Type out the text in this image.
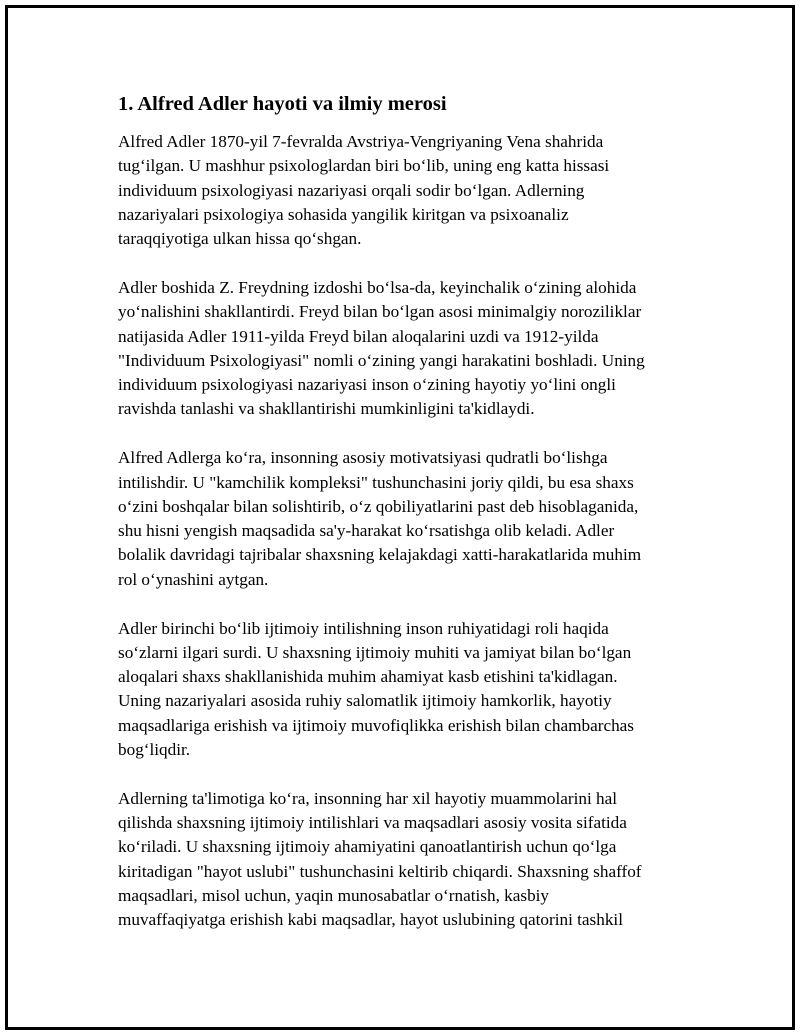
1. Alfred Adler hayoti va ilmiy merosi

Alfred Adler 1870-yil 7-fevralda Avstriya-Vengriyaning Vena shahrida
tug‘ilgan. U mashhur psixologlardan biri bo‘lib, uning eng katta hissasi
individuum psixologiyasi nazariyasi orqali sodir bo‘lgan. Adlerning
nazariyalari psixologiya sohasida yangilik kiritgan va psixoanaliz
taraqqiyotiga ulkan hissa qo‘shgan.

Adler boshida Z. Freydning izdoshi bo‘lsa-da, keyinchalik o‘zining alohida
yo‘nalishini shakllantirdi. Freyd bilan bo‘lgan asosi minimalgiy noroziliklar
natijasida Adler 1911-yilda Freyd bilan aloqalarini uzdi va 1912-yilda
"Individuum Psixologiyasi" nomli o‘zining yangi harakatini boshladi. Uning
individuum psixologiyasi nazariyasi inson o‘zining hayotiy yo‘lini ongli
ravishda tanlashi va shakllantirishi mumkinligini ta'kidlaydi.

Alfred Adlerga ko‘ra, insonning asosiy motivatsiyasi qudratli bo‘lishga
intilishdir. U "kamchilik kompleksi" tushunchasini joriy qildi, bu esa shaxs
o‘zini boshqalar bilan solishtirib, o‘z qobiliyatlarini past deb hisoblaganida,
shu hisni yengish maqsadida sa'y-harakat ko‘rsatishga olib keladi. Adler
bolalik davridagi tajribalar shaxsning kelajakdagi xatti-harakatlarida muhim
rol o‘ynashini aytgan.

Adler birinchi bo‘lib ijtimoiy intilishning inson ruhiyatidagi roli haqida
so‘zlarni ilgari surdi. U shaxsning ijtimoiy muhiti va jamiyat bilan bo‘lgan
aloqalari shaxs shakllanishida muhim ahamiyat kasb etishini ta'kidlagan.
Uning nazariyalari asosida ruhiy salomatlik ijtimoiy hamkorlik, hayotiy
maqsadlariga erishish va ijtimoiy muvofiqlikka erishish bilan chambarchas
bog‘liqdir.

Adlerning ta'limotiga ko‘ra, insonning har xil hayotiy muammolarini hal
qilishda shaxsning ijtimoiy intilishlari va maqsadlari asosiy vosita sifatida
ko‘riladi. U shaxsning ijtimoiy ahamiyatini qanoatlantirish uchun qo‘lga
kiritadigan "hayot uslubi" tushunchasini keltirib chiqardi. Shaxsning shaffof
maqsadlari, misol uchun, yaqin munosabatlar o‘rnatish, kasbiy
muvaffaqiyatga erishish kabi maqsadlar, hayot uslubining qatorini tashkil
